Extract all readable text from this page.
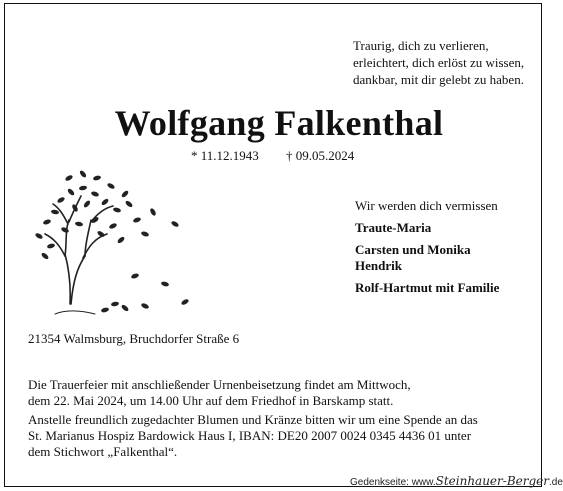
Traurig, dich zu verlieren,
erleichtert, dich erlöst zu wissen,
dankbar, mit dir gelebt zu haben.
Wolfgang Falkenthal
* 11.12.1943 † 09.05.2024
Wir werden dich vermissen
Traute-Maria
Carsten und Monika
Hendrik
Rolf-Hartmut mit Familie
21354 Walmsburg, Bruchdorfer Straße 6
Die Trauerfeier mit anschließender Urnenbeisetzung findet am Mittwoch,
dem 22. Mai 2024, um 14.00 Uhr auf dem Friedhof in Barskamp statt.
Anstelle freundlich zugedachter Blumen und Kränze bitten wir um eine Spende an das
St. Marianus Hospiz Bardowick Haus I, IBAN: DE20 2007 0024 0345 4436 01 unter
dem Stichwort „Falkenthal“.
Gedenkseite: www.Steinhauer-Berger.de
